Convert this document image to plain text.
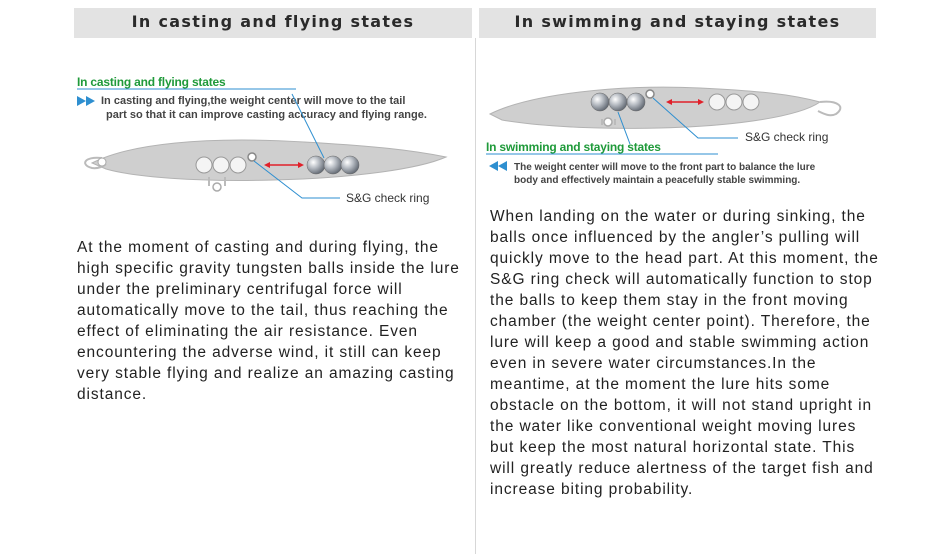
In casting and flying states	In swimming and staying states
In casting and flying states
In casting and flying,the weight center will move to the tail
part so that it can improve casting accuracy and flying range.
S&G check ring
S&G check ring
In swimming and staying states
The weight center will move to the front part to balance the lure
body and effectively maintain a peacefully stable swimming.

At the moment of casting and during flying, the high specific gravity tungsten balls inside the lure under the preliminary centrifugal force will automatically move to the tail, thus reaching the effect of eliminating the air resistance. Even encountering the adverse wind, it still can keep very stable flying and realize an amazing casting distance.

When landing on the water or during sinking, the balls once influenced by the angler’s pulling will quickly move to the head part. At this moment, the S&G ring check will automatically function to stop the balls to keep them stay in the front moving chamber (the weight center point). Therefore, the lure will keep a good and stable swimming action even in severe water circumstances.In the meantime, at the moment the lure hits some obstacle on the bottom, it will not stand upright in the water like conventional weight moving lures but keep the most natural horizontal state. This will greatly reduce alertness of the target fish and increase biting probability.
